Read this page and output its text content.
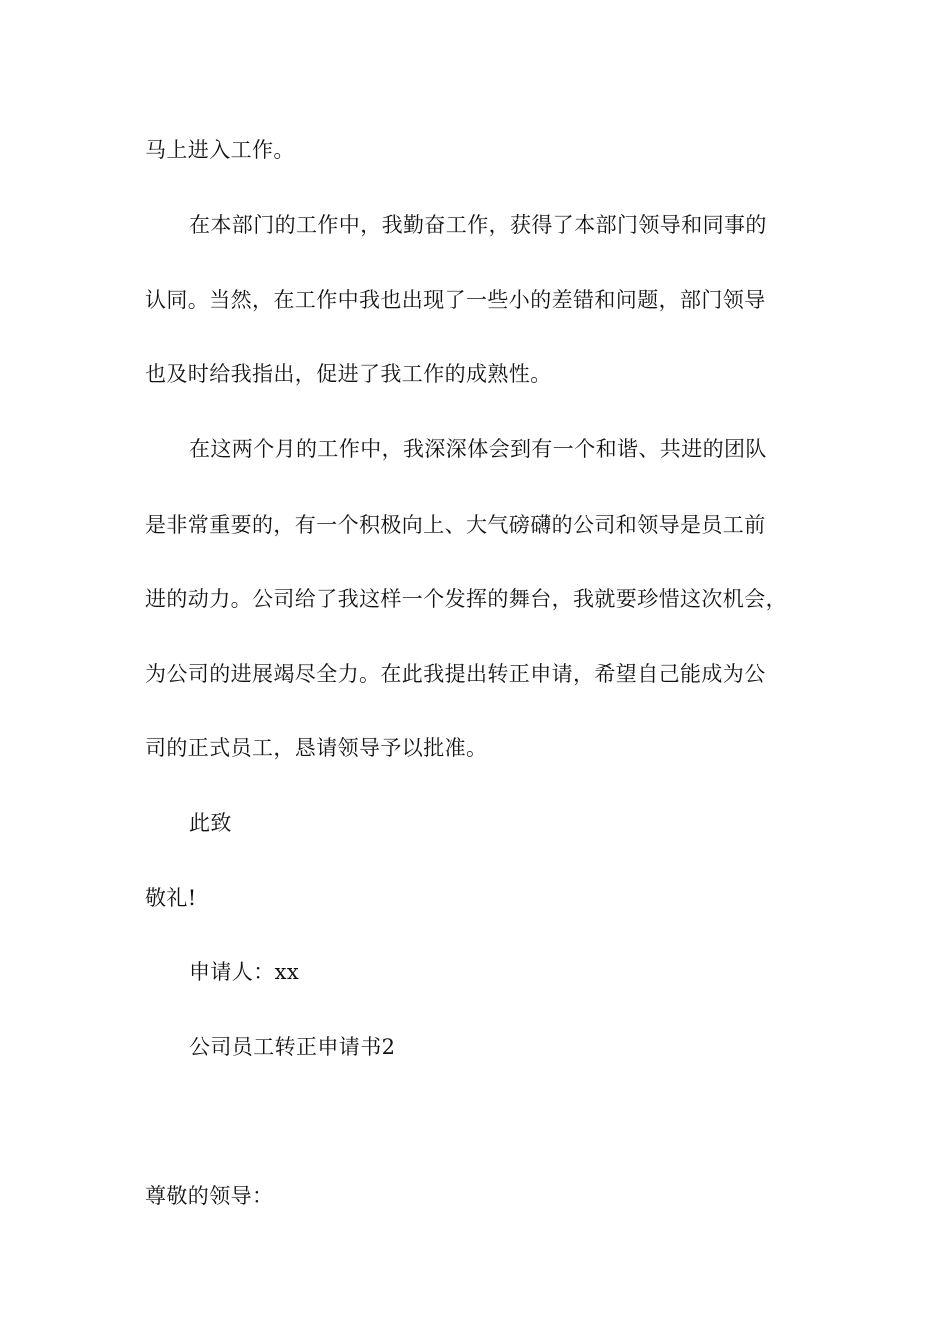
马上进入工作。
在本部门的工作中，我勤奋工作，获得了本部门领导和同事的
认同。当然，在工作中我也出现了一些小的差错和问题，部门领导
也及时给我指出，促进了我工作的成熟性。
在这两个月的工作中，我深深体会到有一个和谐、共进的团队
是非常重要的，有一个积极向上、大气磅礴的公司和领导是员工前
进的动力。公司给了我这样一个发挥的舞台，我就要珍惜这次机会，
为公司的进展竭尽全力。在此我提出转正申请，希望自己能成为公
司的正式员工，恳请领导予以批准。
此致
敬礼!
申请人：xx
公司员工转正申请书2
尊敬的领导：
